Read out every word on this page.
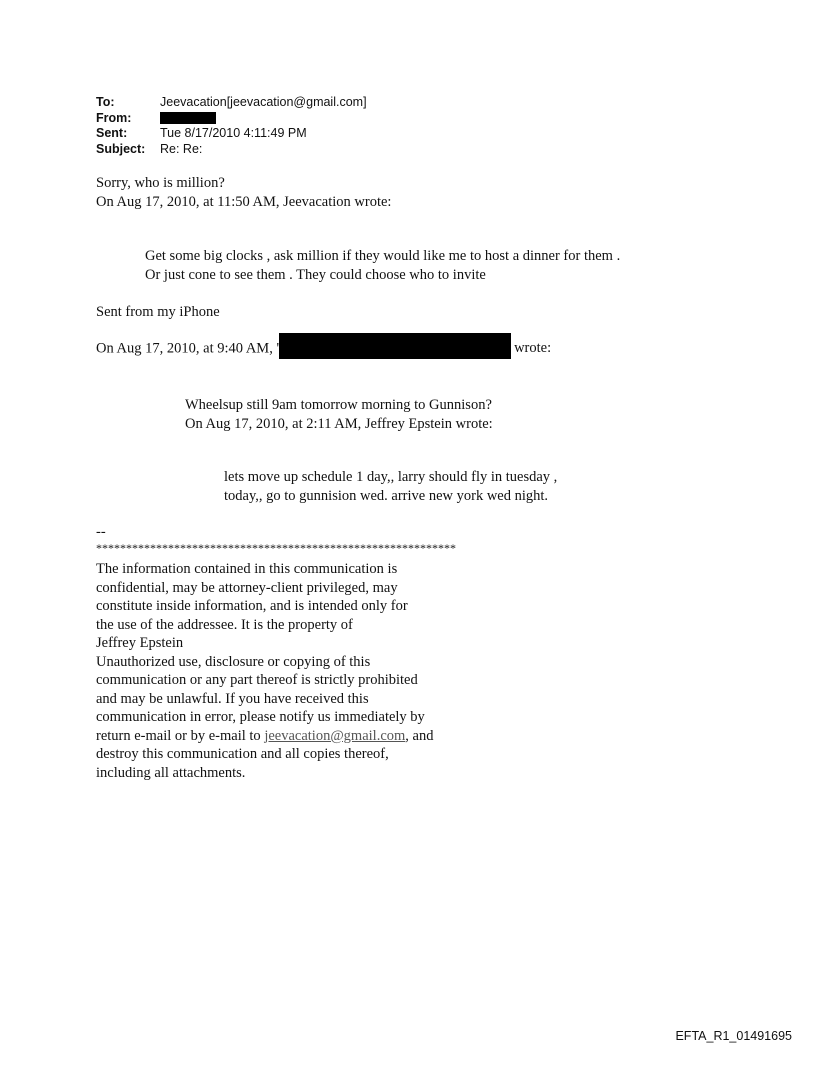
To:	Jeevacation[jeevacation@gmail.com]
From:
Sent:	Tue 8/17/2010 4:11:49 PM
Subject:	Re: Re:
Sorry, who is million?
On Aug 17, 2010, at 11:50 AM, Jeevacation wrote:
Get some big clocks , ask million if they would like me to host a dinner for them .
Or just cone to see them . They could choose who to invite
Sent from my iPhone
On Aug 17, 2010, at 9:40 AM, '	wrote:
Wheelsup still 9am tomorrow morning to Gunnison?
On Aug 17, 2010, at 2:11 AM, Jeffrey Epstein wrote:
lets move up schedule 1 day,, larry should fly in tuesday ,
today,, go to gunnision wed. arrive new york wed night.
--
************************************************************
The information contained in this communication is
confidential, may be attorney-client privileged, may
constitute inside information, and is intended only for
the use of the addressee. It is the property of
Jeffrey Epstein
Unauthorized use, disclosure or copying of this
communication or any part thereof is strictly prohibited
and may be unlawful. If you have received this
communication in error, please notify us immediately by
return e-mail or by e-mail to jeevacation@gmail.com, and
destroy this communication and all copies thereof,
including all attachments.
EFTA_R1_01491695
